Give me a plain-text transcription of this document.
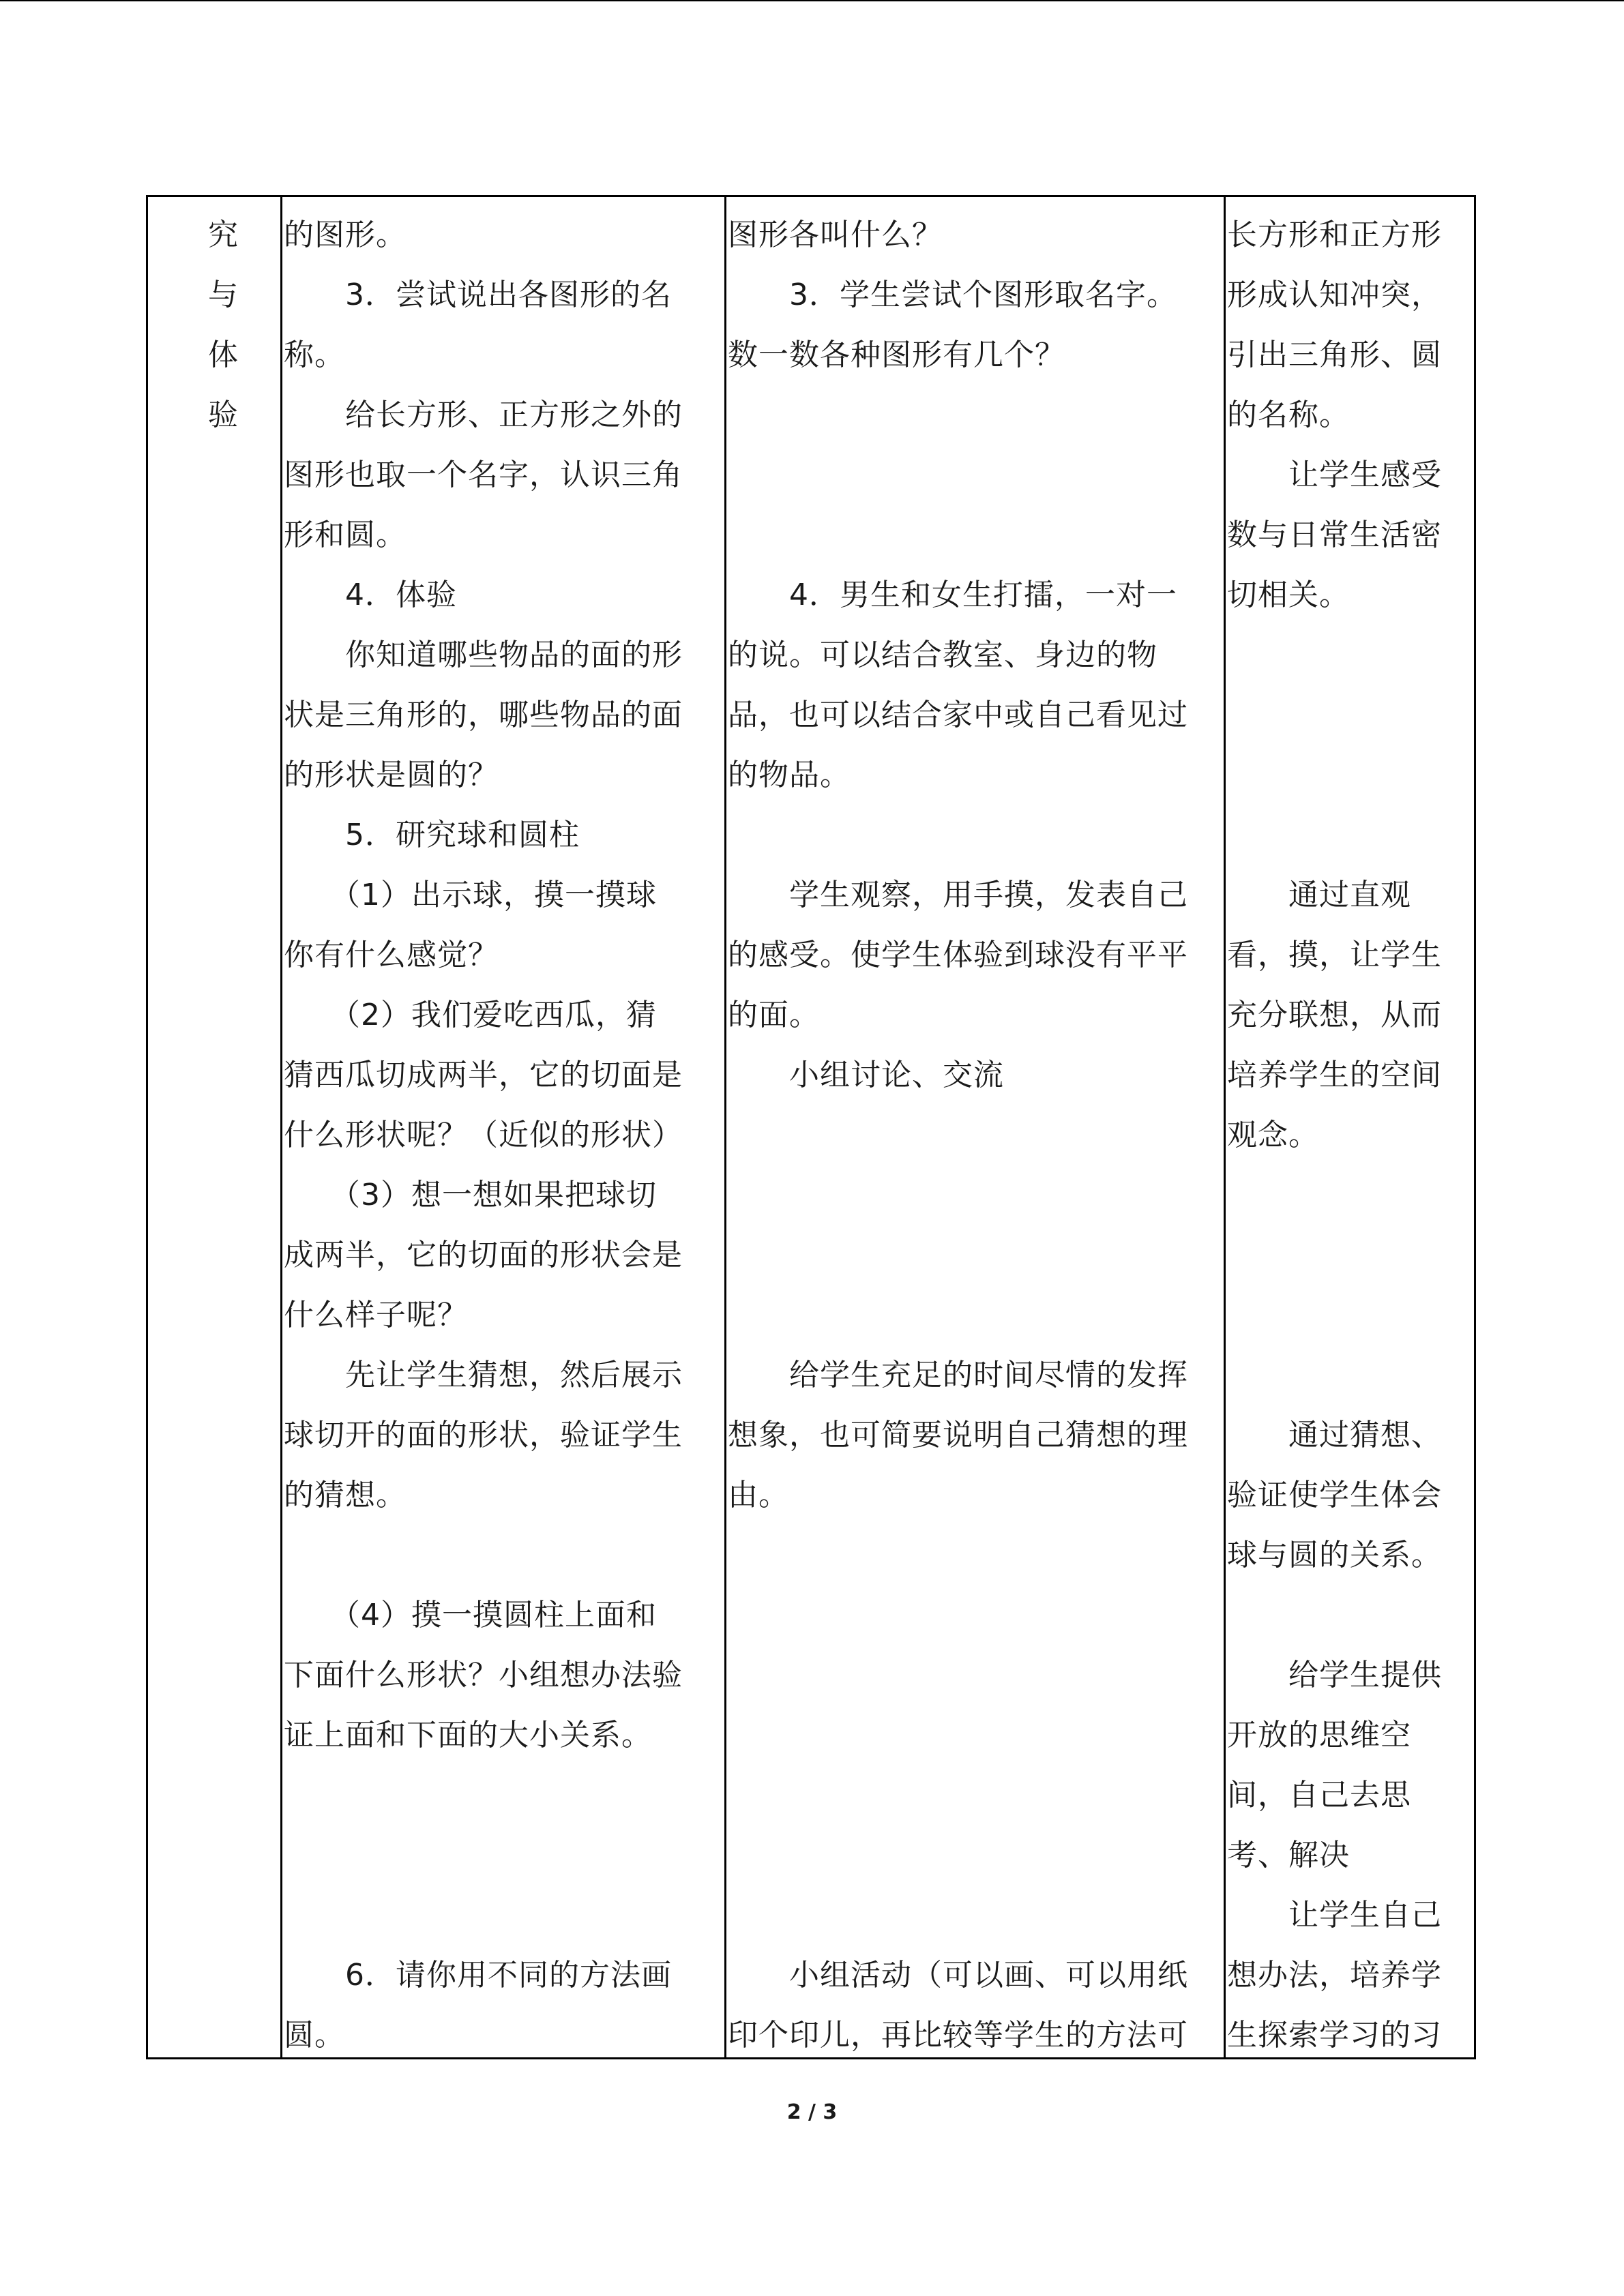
究
与
体
验
的图形。
　　3．尝试说出各图形的名
称。
　　给长方形、正方形之外的
图形也取一个名字，认识三角
形和圆。
　　4．体验
　　你知道哪些物品的面的形
状是三角形的，哪些物品的面
的形状是圆的？
　　5．研究球和圆柱
　　（1）出示球，摸一摸球
你有什么感觉？
　　（2）我们爱吃西瓜，猜
猜西瓜切成两半，它的切面是
什么形状呢？（近似的形状）
　　（3）想一想如果把球切
成两半，它的切面的形状会是
什么样子呢？
　　先让学生猜想，然后展示
球切开的面的形状，验证学生
的猜想。
　　（4）摸一摸圆柱上面和
下面什么形状？小组想办法验
证上面和下面的大小关系。
　　6．请你用不同的方法画
圆。
图形各叫什么？
　　3．学生尝试个图形取名字。
数一数各种图形有几个？
　　4．男生和女生打擂，一对一
的说。可以结合教室、身边的物
品，也可以结合家中或自己看见过
的物品。
　　学生观察，用手摸，发表自己
的感受。使学生体验到球没有平平
的面。
　　小组讨论、交流
　　给学生充足的时间尽情的发挥
想象，也可简要说明自己猜想的理
由。
　　小组活动（可以画、可以用纸
印个印儿，再比较等学生的方法可
长方形和正方形
形成认知冲突，
引出三角形、圆
的名称。
　　让学生感受
数与日常生活密
切相关。
　　通过直观
看，摸，让学生
充分联想，从而
培养学生的空间
观念。
　　通过猜想、
验证使学生体会
球与圆的关系。
　　给学生提供
开放的思维空
间，自己去思
考、解决
　　让学生自己
想办法，培养学
生探索学习的习
2 / 3
